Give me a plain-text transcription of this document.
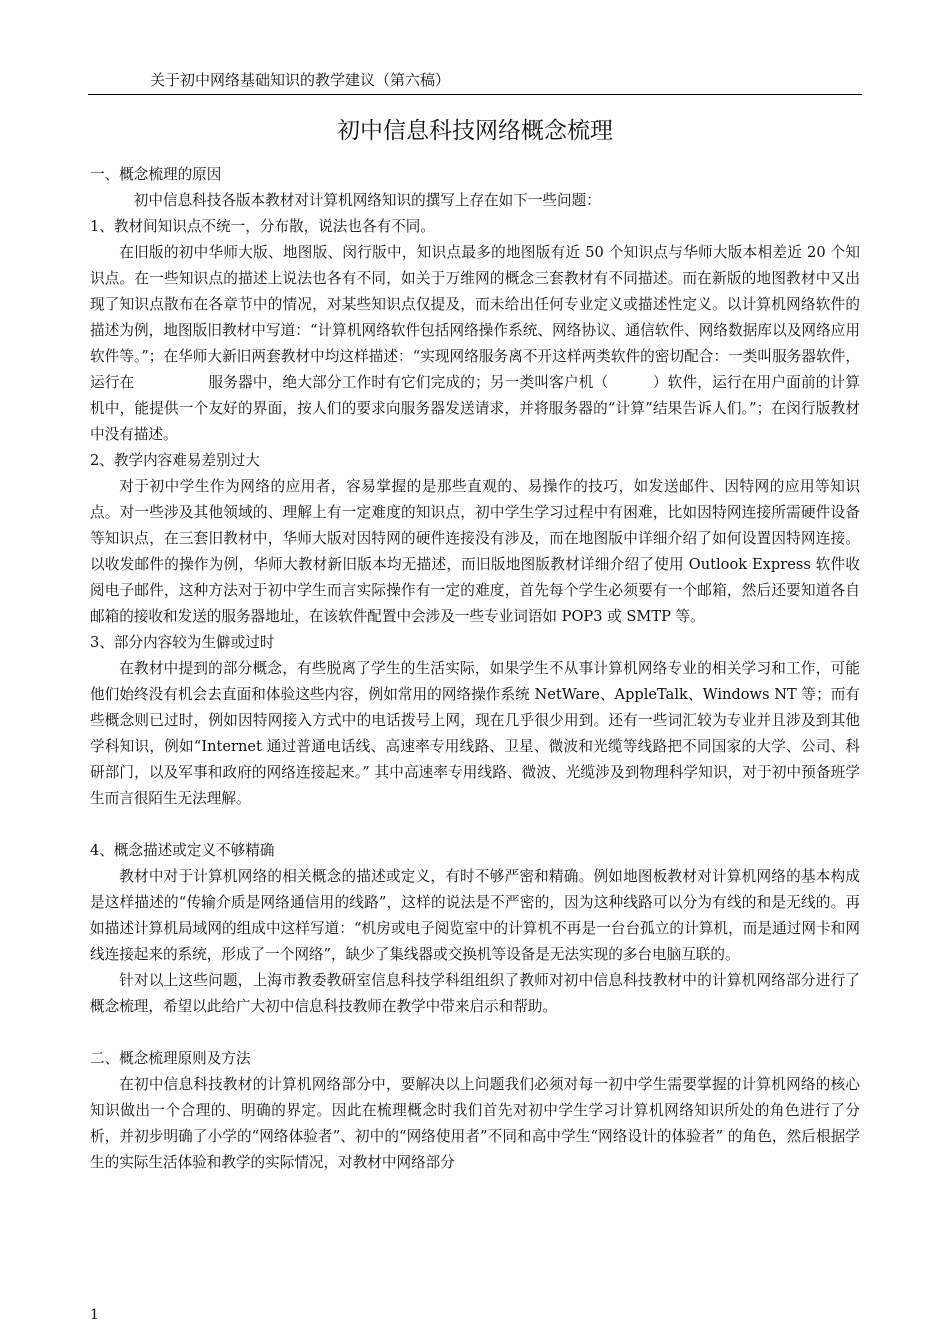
关于初中网络基础知识的教学建议（第六稿）
初中信息科技网络概念梳理

一、概念梳理的原因

初中信息科技各版本教材对计算机网络知识的撰写上存在如下一些问题：

1、教材间知识点不统一，分布散，说法也各有不同。

在旧版的初中华师大版、地图版、闵行版中，知识点最多的地图版有近 50 个知识点与华师大版本相差近 20 个知识点。在一些知识点的描述上说法也各有不同，如关于万维网的概念三套教材有不同描述。而在新版的地图教材中又出现了知识点散布在各章节中的情况，对某些知识点仅提及，而未给出任何专业定义或描述性定义。以计算机网络软件的描述为例，地图版旧教材中写道：“计算机网络软件包括网络操作系统、网络协议、通信软件、网络数据库以及网络应用软件等。”；在华师大新旧两套教材中均这样描述：“实现网络服务离不开这样两类软件的密切配合：一类叫服务器软件，运行在　　　　　服务器中，绝大部分工作时有它们完成的；另一类叫客户机（　　　）软件，运行在用户面前的计算机中，能提供一个友好的界面，按人们的要求向服务器发送请求，并将服务器的“计算”结果告诉人们。”；在闵行版教材中没有描述。

2、教学内容难易差别过大

对于初中学生作为网络的应用者，容易掌握的是那些直观的、易操作的技巧，如发送邮件、因特网的应用等知识点。对一些涉及其他领域的、理解上有一定难度的知识点，初中学生学习过程中有困难，比如因特网连接所需硬件设备等知识点，在三套旧教材中，华师大版对因特网的硬件连接没有涉及，而在地图版中详细介绍了如何设置因特网连接。以收发邮件的操作为例，华师大教材新旧版本均无描述，而旧版地图版教材详细介绍了使用 Outlook Express 软件收阅电子邮件，这种方法对于初中学生而言实际操作有一定的难度，首先每个学生必须要有一个邮箱，然后还要知道各自邮箱的接收和发送的服务器地址，在该软件配置中会涉及一些专业词语如 POP3 或 SMTP 等。

3、部分内容较为生僻或过时

在教材中提到的部分概念，有些脱离了学生的生活实际，如果学生不从事计算机网络专业的相关学习和工作，可能他们始终没有机会去直面和体验这些内容，例如常用的网络操作系统 NetWare、AppleTalk、Windows NT 等；而有些概念则已过时，例如因特网接入方式中的电话拨号上网，现在几乎很少用到。还有一些词汇较为专业并且涉及到其他学科知识，例如“Internet 通过普通电话线、高速率专用线路、卫星、微波和光缆等线路把不同国家的大学、公司、科研部门，以及军事和政府的网络连接起来。” 其中高速率专用线路、微波、光缆涉及到物理科学知识，对于初中预备班学生而言很陌生无法理解。

4、概念描述或定义不够精确

教材中对于计算机网络的相关概念的描述或定义，有时不够严密和精确。例如地图板教材对计算机网络的基本构成是这样描述的“传输介质是网络通信用的线路”，这样的说法是不严密的，因为这种线路可以分为有线的和是无线的。再如描述计算机局域网的组成中这样写道：“机房或电子阅览室中的计算机不再是一台台孤立的计算机，而是通过网卡和网线连接起来的系统，形成了一个网络”，缺少了集线器或交换机等设备是无法实现的多台电脑互联的。

针对以上这些问题，上海市教委教研室信息科技学科组组织了教师对初中信息科技教材中的计算机网络部分进行了概念梳理，希望以此给广大初中信息科技教师在教学中带来启示和帮助。

二、概念梳理原则及方法

在初中信息科技教材的计算机网络部分中，要解决以上问题我们必须对每一初中学生需要掌握的计算机网络的核心知识做出一个合理的、明确的界定。因此在梳理概念时我们首先对初中学生学习计算机网络知识所处的角色进行了分析，并初步明确了小学的“网络体验者”、初中的“网络使用者”不同和高中学生“网络设计的体验者” 的角色，然后根据学生的实际生活体验和教学的实际情况，对教材中网络部分

1
